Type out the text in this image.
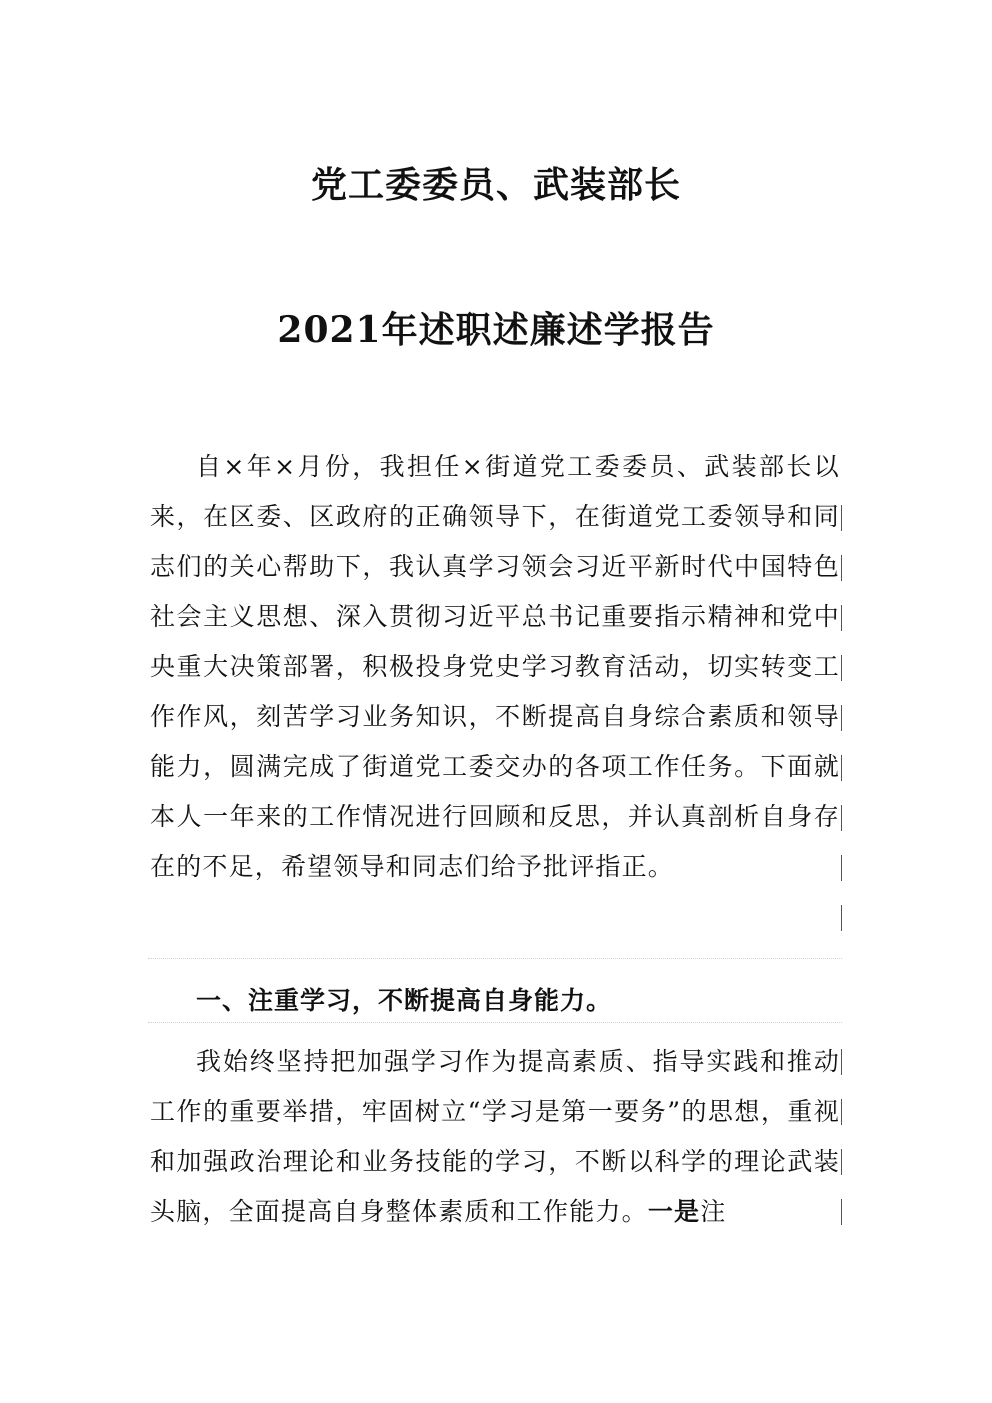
党工委委员、武装部长
2021年述职述廉述学报告
自×年×月份，我担任×街道党工委委员、武装部长以来，在区委、区政府的正确领导下，在街道党工委领导和同志们的关心帮助下，我认真学习领会习近平新时代中国特色社会主义思想、深入贯彻习近平总书记重要指示精神和党中央重大决策部署，积极投身党史学习教育活动，切实转变工作作风，刻苦学习业务知识，不断提高自身综合素质和领导能力，圆满完成了街道党工委交办的各项工作任务。下面就本人一年来的工作情况进行回顾和反思，并认真剖析自身存在的不足，希望领导和同志们给予批评指正。
一、注重学习，不断提高自身能力。
我始终坚持把加强学习作为提高素质、指导实践和推动工作的重要举措，牢固树立“学习是第一要务”的思想，重视和加强政治理论和业务技能的学习，不断以科学的理论武装头脑，全面提高自身整体素质和工作能力。一是注
